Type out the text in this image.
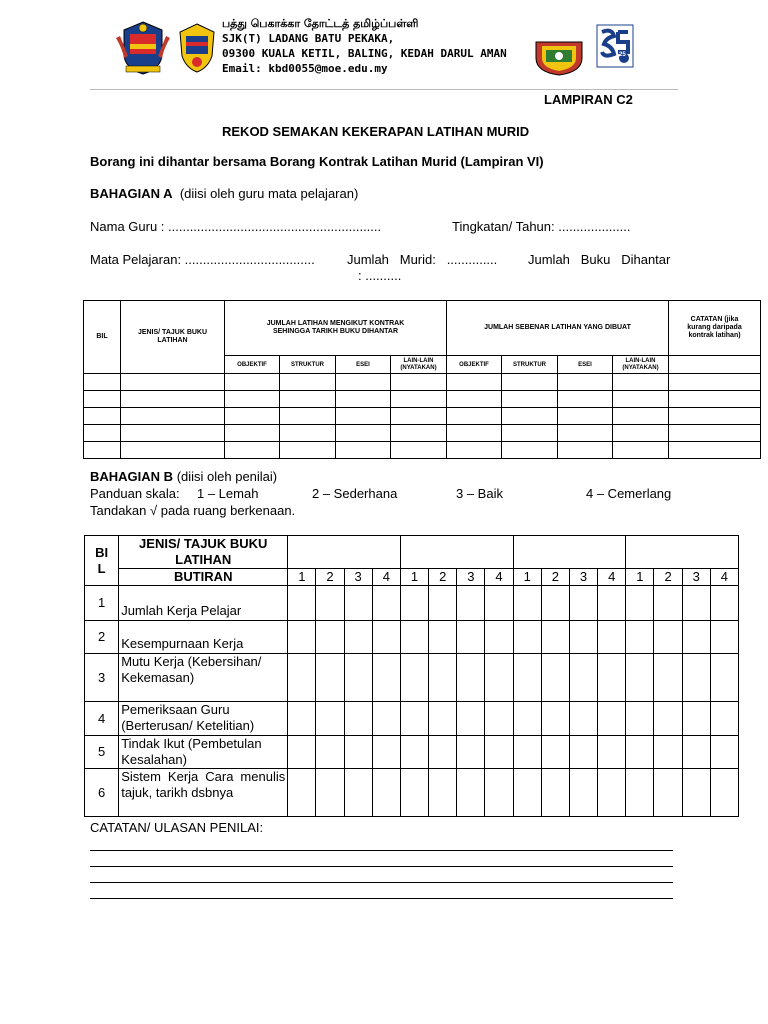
பத்து பெகாக்கா தோட்டத் தமிழ்ப்பள்ளி
SJK(T) LADANG BATU PEKAKA,
09300 KUALA KETIL, BALING, KEDAH DARUL AMAN
Email: kbd0055@moe.edu.my
25
LAMPIRAN C2
REKOD SEMAKAN KEKERAPAN LATIHAN MURID
Borang ini dihantar bersama Borang Kontrak Latihan Murid (Lampiran VI)
BAHAGIAN A (diisi oleh guru mata pelajaran)
Nama Guru : ...........................................................	Tingkatan/ Tahun: ....................
Mata Pelajaran: .................................... Jumlah   Murid:   .............. Jumlah   Buku   Dihantar
: ..........
BIL	JENIS/ TAJUK BUKU LATIHAN	JUMLAH LATIHAN MENGIKUT KONTRAK SEHINGGA TARIKH BUKU DIHANTAR				JUMLAH SEBENAR LATIHAN YANG DIBUAT				CATATAN (jika kurang daripada kontrak latihan)
		OBJEKTIF	STRUKTUR	ESEI	LAIN-LAIN (NYATAKAN)	OBJEKTIF	STRUKTUR	ESEI	LAIN-LAIN (NYATAKAN)	

BAHAGIAN B (diisi oleh penilai)
Panduan skala: 1 – Lemah	2 – Sederhana	3 – Baik	4 – Cemerlang
Tandakan √ pada ruang berkenaan.
BI L	JENIS/ TAJUK BUKU LATIHAN																
	BUTIRAN	1	2	3	4	1	2	3	4	1	2	3	4	1	2	3	4
1	Jumlah Kerja Pelajar																
2	Kesempurnaan Kerja																
3	Mutu Kerja (Kebersihan/ Kekemasan)																
4	Pemeriksaan Guru (Berterusan/ Ketelitian)																
5	Tindak Ikut (Pembetulan Kesalahan)																
6	Sistem Kerja Cara menulis tajuk, tarikh dsbnya																
CATATAN/ ULASAN PENILAI:
